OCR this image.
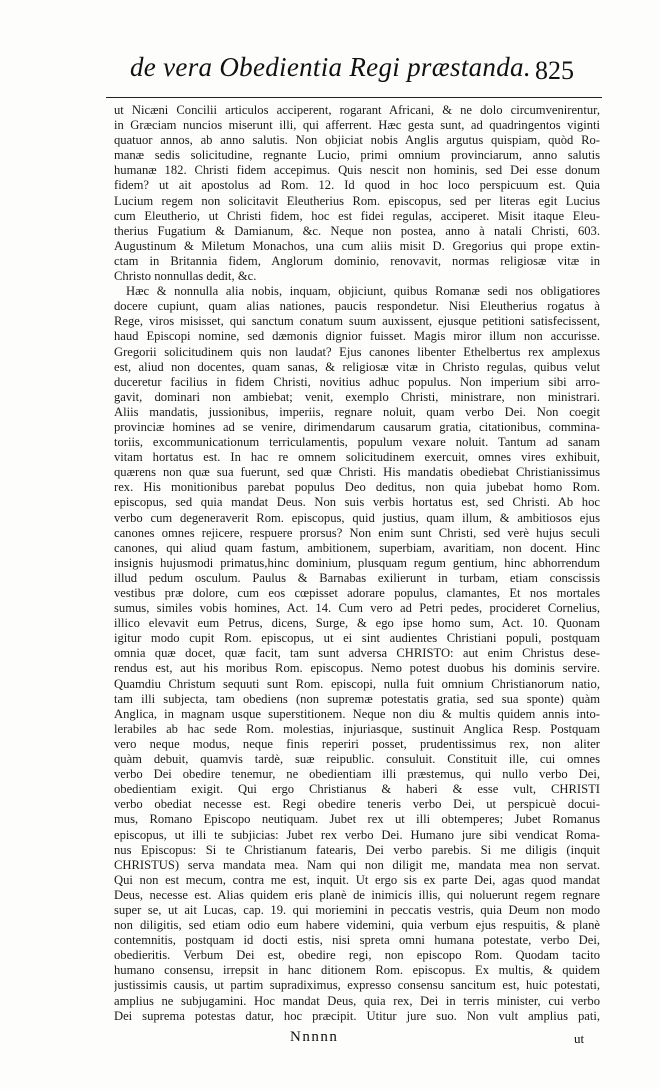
de vera Obedientia Regi præstanda. 825
ut Nicæni Concilii articulos acciperent, rogarant Africani, & ne dolo circumvenirentur,
in Græciam nuncios miserunt illi, qui afferrent. Hæc gesta sunt, ad quadringentos viginti
quatuor annos, ab anno salutis. Non objiciat nobis Anglis argutus quispiam, quòd Ro-
manæ sedis solicitudine, regnante Lucio, primi omnium provinciarum, anno salutis
humanæ 182. Christi fidem accepimus. Quis nescit non hominis, sed Dei esse donum
fidem? ut ait apostolus ad Rom. 12. Id quod in hoc loco perspicuum est. Quia
Lucium regem non solicitavit Eleutherius Rom. episcopus, sed per literas egit Lucius
cum Eleutherio, ut Christi fidem, hoc est fidei regulas, acciperet. Misit itaque Eleu-
therius Fugatium & Damianum, &c. Neque non postea, anno à natali Christi, 603.
Augustinum & Miletum Monachos, una cum aliis misit D. Gregorius qui prope extin-
ctam in Britannia fidem, Anglorum dominio, renovavit, normas religiosæ vitæ in
Christo nonnullas dedit, &c.
Hæc & nonnulla alia nobis, inquam, objiciunt, quibus Romanæ sedi nos obligatiores
docere cupiunt, quam alias nationes, paucis respondetur. Nisi Eleutherius rogatus à
Rege, viros misisset, qui sanctum conatum suum auxissent, ejusque petitioni satisfecissent,
haud Episcopi nomine, sed dæmonis dignior fuisset. Magis miror illum non accurisse.
Gregorii solicitudinem quis non laudat? Ejus canones libenter Ethelbertus rex amplexus
est, aliud non docentes, quam sanas, & religiosæ vitæ in Christo regulas, quibus velut
duceretur facilius in fidem Christi, novitius adhuc populus. Non imperium sibi arro-
gavit, dominari non ambiebat; venit, exemplo Christi, ministrare, non ministrari.
Aliis mandatis, jussionibus, imperiis, regnare noluit, quam verbo Dei. Non coegit
provinciæ homines ad se venire, dirimendarum causarum gratia, citationibus, commina-
toriis, excommunicationum terriculamentis, populum vexare noluit. Tantum ad sanam
vitam hortatus est. In hac re omnem solicitudinem exercuit, omnes vires exhibuit,
quærens non quæ sua fuerunt, sed quæ Christi. His mandatis obediebat Christianissimus
rex. His monitionibus parebat populus Deo deditus, non quia jubebat homo Rom.
episcopus, sed quia mandat Deus. Non suis verbis hortatus est, sed Christi. Ab hoc
verbo cum degeneraverit Rom. episcopus, quid justius, quam illum, & ambitiosos ejus
canones omnes rejicere, respuere prorsus? Non enim sunt Christi, sed verè hujus seculi
canones, qui aliud quam fastum, ambitionem, superbiam, avaritiam, non docent. Hinc
insignis hujusmodi primatus,hinc dominium, plusquam regum gentium, hinc abhorrendum
illud pedum osculum. Paulus & Barnabas exilierunt in turbam, etiam conscissis
vestibus præ dolore, cum eos cœpisset adorare populus, clamantes, Et nos mortales
sumus, similes vobis homines, Act. 14. Cum vero ad Petri pedes, procideret Cornelius,
illico elevavit eum Petrus, dicens, Surge, & ego ipse homo sum, Act. 10. Quonam
igitur modo cupit Rom. episcopus, ut ei sint audientes Christiani populi, postquam
omnia quæ docet, quæ facit, tam sunt adversa CHRISTO: aut enim Christus dese-
rendus est, aut his moribus Rom. episcopus. Nemo potest duobus his dominis servire.
Quamdiu Christum sequuti sunt Rom. episcopi, nulla fuit omnium Christianorum natio,
tam illi subjecta, tam obediens (non supremæ potestatis gratia, sed sua sponte) quàm
Anglica, in magnam usque superstitionem. Neque non diu & multis quidem annis into-
lerabiles ab hac sede Rom. molestias, injuriasque, sustinuit Anglica Resp. Postquam
vero neque modus, neque finis reperiri posset, prudentissimus rex, non aliter
quàm debuit, quamvis tardè, suæ reipublic. consuluit. Constituit ille, cui omnes
verbo Dei obedire tenemur, ne obedientiam illi præstemus, qui nullo verbo Dei,
obedientiam exigit. Qui ergo Christianus & haberi & esse vult, CHRISTI
verbo obediat necesse est. Regi obedire teneris verbo Dei, ut perspicuè docui-
mus, Romano Episcopo neutiquam. Jubet rex ut illi obtemperes; Jubet Romanus
episcopus, ut illi te subjicias: Jubet rex verbo Dei. Humano jure sibi vendicat Roma-
nus Episcopus: Si te Christianum fatearis, Dei verbo parebis. Si me diligis (inquit
CHRISTUS) serva mandata mea. Nam qui non diligit me, mandata mea non servat.
Qui non est mecum, contra me est, inquit. Ut ergo sis ex parte Dei, agas quod mandat
Deus, necesse est. Alias quidem eris planè de inimicis illis, qui noluerunt regem regnare
super se, ut ait Lucas, cap. 19. qui moriemini in peccatis vestris, quia Deum non modo
non diligitis, sed etiam odio eum habere videmini, quia verbum ejus respuitis, & planè
contemnitis, postquam id docti estis, nisi spreta omni humana potestate, verbo Dei,
obedieritis. Verbum Dei est, obedire regi, non episcopo Rom. Quodam tacito
humano consensu, irrepsit in hanc ditionem Rom. episcopus. Ex multis, & quidem
justissimis causis, ut partim supradiximus, expresso consensu sancitum est, huic potestati,
amplius ne subjugamini. Hoc mandat Deus, quia rex, Dei in terris minister, cui verbo
Dei suprema potestas datur, hoc præcipit. Utitur jure suo. Non vult amplius pati,
Nnnnn	ut
